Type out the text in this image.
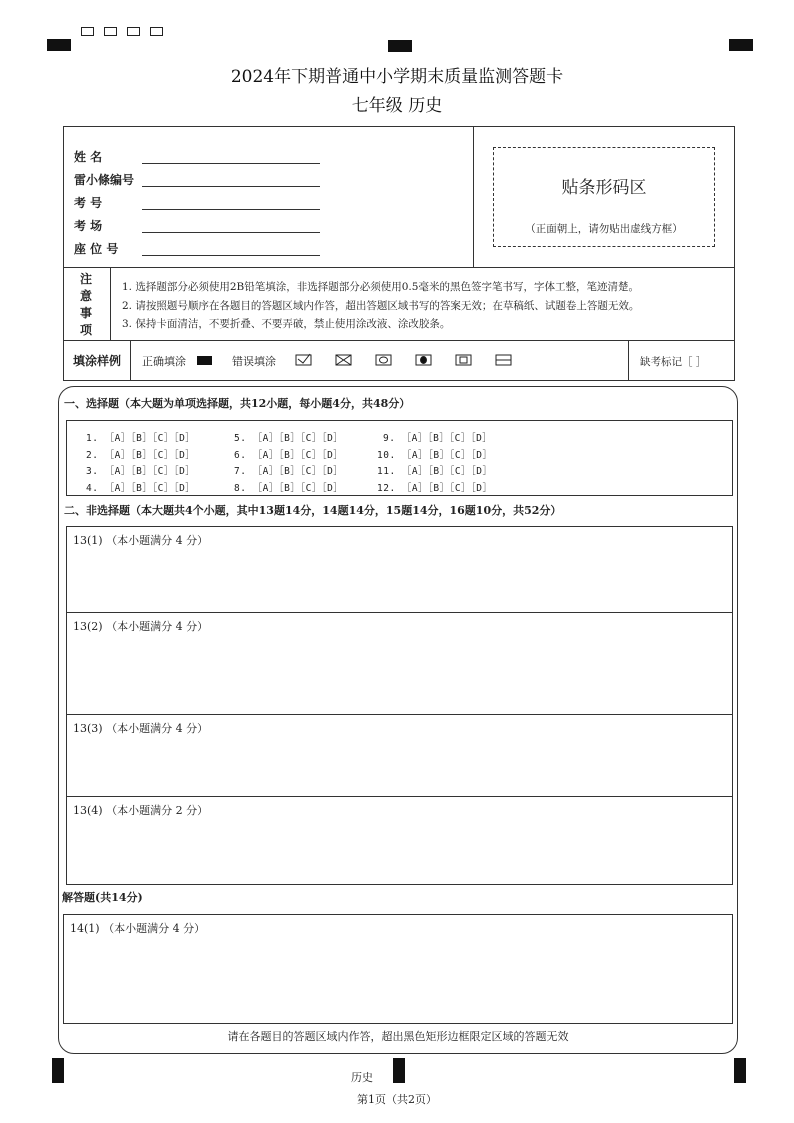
2024年下期普通中小学期末质量监测答题卡
七年级 历史
姓 名
雷小條编号
考 号
考 场
座 位 号
贴条形码区
（正面朝上，请勿贴出虚线方框）
注
意
事
项
1. 选择题部分必须使用2B铅笔填涂，非选择题部分必须使用0.5毫米的黑色签字笔书写，字体工整，笔迹清楚。
2. 请按照题号顺序在各题目的答题区域内作答，超出答题区域书写的答案无效；在草稿纸、试题卷上答题无效。
3. 保持卡面清洁，不要折叠、不要弄破，禁止使用涂改液、涂改胶条。
填涂样例 正确填涂	错误填涂	缺考标记［ ］
一、选择题（本大题为单项选择题，共12小题，每小题4分，共48分）
1. ［A］［B］［C］［D］	5. ［A］［B］［C］［D］	9. ［A］［B］［C］［D］
2. ［A］［B］［C］［D］	6. ［A］［B］［C］［D］	10. ［A］［B］［C］［D］
3. ［A］［B］［C］［D］	7. ［A］［B］［C］［D］	11. ［A］［B］［C］［D］
4. ［A］［B］［C］［D］	8. ［A］［B］［C］［D］	12. ［A］［B］［C］［D］
二、非选择题（本大题共4个小题，其中13题14分，14题14分，15题14分，16题10分，共52分）
13(1) （本小题满分 4 分）
13(2) （本小题满分 4 分）
13(3) （本小题满分 4 分）
13(4) （本小题满分 2 分）
解答题(共14分)
14(1) （本小题满分 4 分）
请在各题目的答题区域内作答，超出黑色矩形边框限定区域的答题无效
历史
第1页（共2页）
